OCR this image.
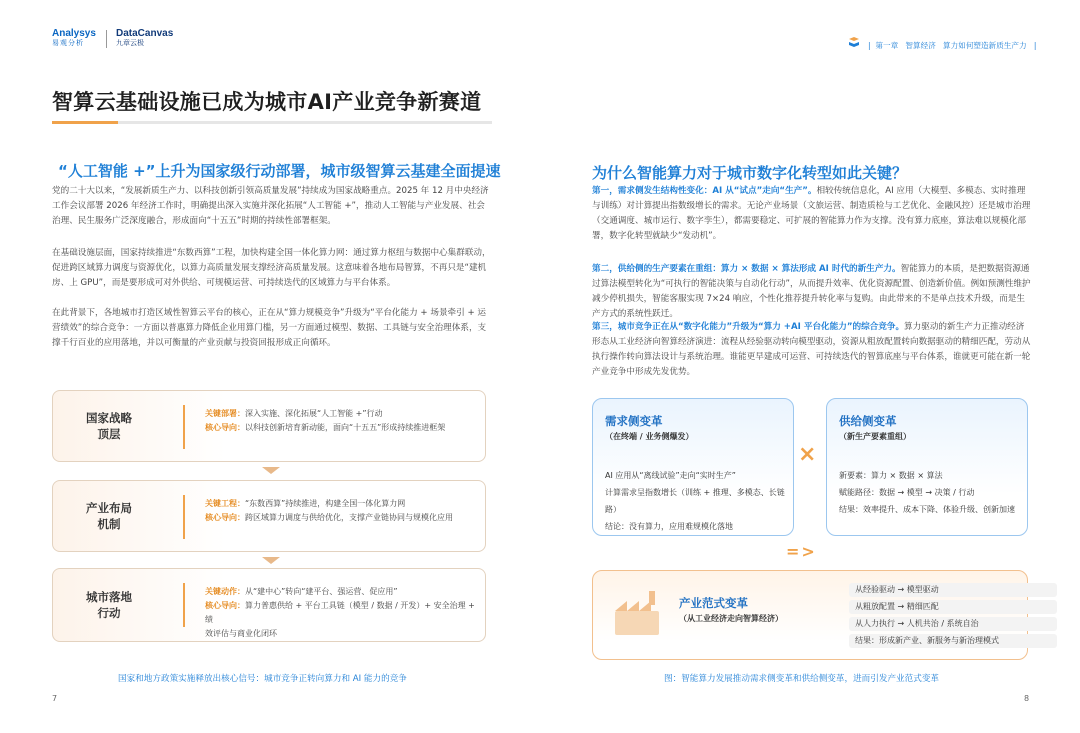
Analysys
易观分析
DataCanvas
九章云极
智算云基础设施已成为城市AI产业竞争新赛道
“人工智能 +”上升为国家级行动部署，城市级智算云基建全面提速
党的二十大以来，“发展新质生产力、以科技创新引领高质量发展”持续成为国家战略重点。2025 年 12 月中央经济工作会议部署 2026 年经济工作时，明确提出深入实施并深化拓展“人工智能 +”，推动人工智能与产业发展、社会治理、民生服务广泛深度融合，形成面向“十五五”时期的持续性部署框架。
在基础设施层面，国家持续推进“东数西算”工程，加快构建全国一体化算力网：通过算力枢纽与数据中心集群联动，促进跨区域算力调度与资源优化，以算力高质量发展支撑经济高质量发展。这意味着各地布局智算，不再只是“建机房、上 GPU”，而是要形成可对外供给、可规模运营、可持续迭代的区域算力与平台体系。
在此背景下，各地城市打造区域性智算云平台的核心，正在从“算力规模竞争”升级为“平台化能力 + 场景牵引 + 运营绩效”的综合竞争：一方面以普惠算力降低企业用算门槛，另一方面通过模型、数据、工具链与安全治理体系，支撑千行百业的应用落地，并以可衡量的产业贡献与投资回报形成正向循环。
国家战略
顶层
关键部署：深入实施、深化拓展“人工智能 +”行动
核心导向：以科技创新培育新动能，面向“十五五”形成持续推进框架
产业布局
机制
关键工程：“东数西算”持续推进，构建全国一体化算力网
核心导向：跨区域算力调度与供给优化，支撑产业链协同与规模化应用
城市落地
行动
关键动作：从“建中心”转向“建平台、强运营、促应用”
核心导向：算力普惠供给 + 平台工具链（模型 / 数据 / 开发）+ 安全治理 + 绩
效评估与商业化闭环
国家和地方政策实施释放出核心信号：城市竞争正转向算力和 AI 能力的竞争
7
|  第一章 智算经济 算力如何塑造新质生产力   |
为什么智能算力对于城市数字化转型如此关键？
第一，需求侧发生结构性变化：AI 从“试点”走向“生产”。相较传统信息化，AI 应用（大模型、多模态、实时推理与训练）对计算提出指数级增长的需求。无论产业场景（文旅运营、制造质检与工艺优化、金融风控）还是城市治理（交通调度、城市运行、数字孪生），都需要稳定、可扩展的智能算力作为支撑。没有算力底座，算法难以规模化部署，数字化转型就缺少“发动机”。
第二，供给侧的生产要素在重组：算力 × 数据 × 算法形成 AI 时代的新生产力。智能算力的本质，是把数据资源通过算法模型转化为“可执行的智能决策与自动化行动”，从而提升效率、优化资源配置、创造新价值。例如预测性维护减少停机损失，智能客服实现 7×24 响应，个性化推荐提升转化率与复购。由此带来的不是单点技术升级，而是生产方式的系统性跃迁。
第三，城市竞争正在从“数字化能力”升级为“算力 +AI 平台化能力”的综合竞争。算力驱动的新生产力正推动经济形态从工业经济向智算经济演进：流程从经验驱动转向模型驱动，资源从粗放配置转向数据驱动的精细匹配，劳动从执行操作转向算法设计与系统治理。谁能更早建成可运营、可持续迭代的智算底座与平台体系，谁就更可能在新一轮产业竞争中形成先发优势。
需求侧变革
（在终端 / 业务侧爆发）
AI 应用从“离线试验”走向“实时生产”
计算需求呈指数增长（训练 + 推理、多模态、长链路）
结论：没有算力，应用难规模化落地
×
供给侧变革
（新生产要素重组）
新要素：算力 × 数据 × 算法
赋能路径：数据 → 模型 → 决策 / 行动
结果：效率提升、成本下降、体验升级、创新加速
=>
产业范式变革
（从工业经济走向智算经济）
从经验驱动 → 模型驱动
从粗放配置 → 精细匹配
从人力执行 → 人机共治 / 系统自治
结果：形成新产业、新服务与新治理模式
图：智能算力发展推动需求侧变革和供给侧变革，进而引发产业范式变革
8
